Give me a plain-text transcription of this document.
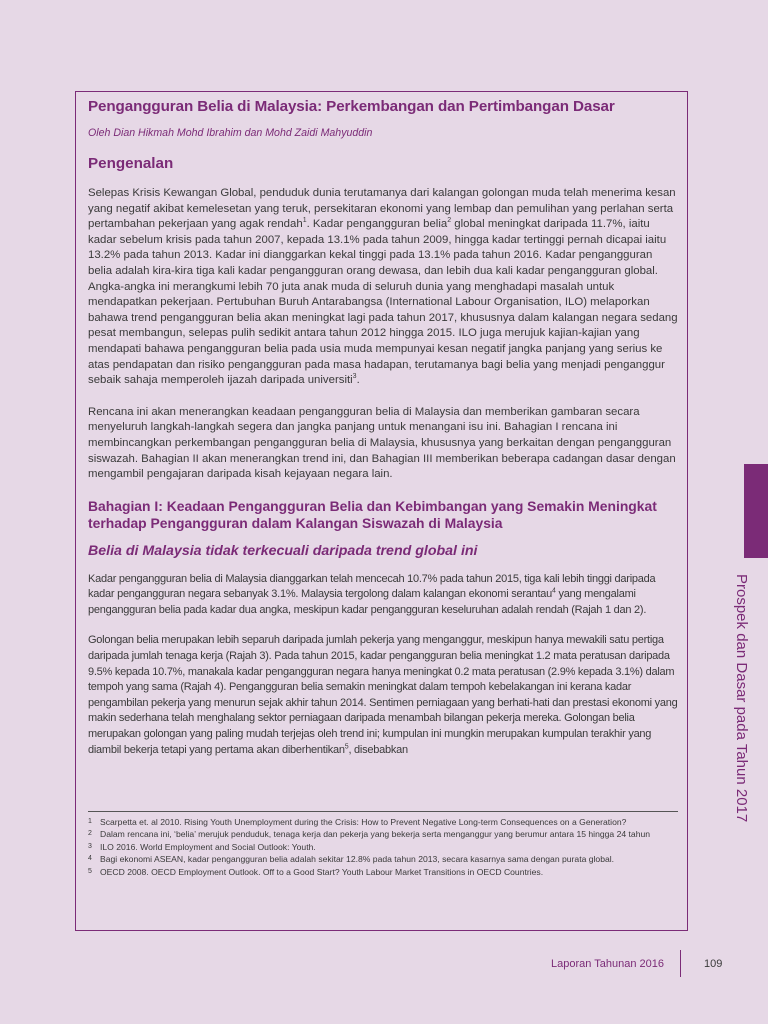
Pengangguran Belia di Malaysia: Perkembangan dan Pertimbangan Dasar

Oleh Dian Hikmah Mohd Ibrahim dan Mohd Zaidi Mahyuddin

Pengenalan

Selepas Krisis Kewangan Global, penduduk dunia terutamanya dari kalangan golongan muda telah menerima kesan yang negatif akibat kemelesetan yang teruk, persekitaran ekonomi yang lembap dan pemulihan yang perlahan serta pertambahan pekerjaan yang agak rendah$^1$. Kadar pengangguran belia$^2$ global meningkat daripada 11.7%, iaitu kadar sebelum krisis pada tahun 2007, kepada 13.1% pada tahun 2009, hingga kadar tertinggi pernah dicapai iaitu 13.2% pada tahun 2013. Kadar ini dianggarkan kekal tinggi pada 13.1% pada tahun 2016. Kadar pengangguran belia adalah kira-kira tiga kali kadar pengangguran orang dewasa, dan lebih dua kali kadar pengangguran global. Angka-angka ini merangkumi lebih 70 juta anak muda di seluruh dunia yang menghadapi masalah untuk mendapatkan pekerjaan. Pertubuhan Buruh Antarabangsa (International Labour Organisation, ILO) melaporkan bahawa trend pengangguran belia akan meningkat lagi pada tahun 2017, khususnya dalam kalangan negara sedang pesat membangun, selepas pulih sedikit antara tahun 2012 hingga 2015. ILO juga merujuk kajian-kajian yang mendapati bahawa pengangguran belia pada usia muda mempunyai kesan negatif jangka panjang yang serius ke atas pendapatan dan risiko pengangguran pada masa hadapan, terutamanya bagi belia yang menjadi penganggur sebaik sahaja memperoleh ijazah daripada universiti$^3$.

Rencana ini akan menerangkan keadaan pengangguran belia di Malaysia dan memberikan gambaran secara menyeluruh langkah-langkah segera dan jangka panjang untuk menangani isu ini. Bahagian I rencana ini membincangkan perkembangan pengangguran belia di Malaysia, khususnya yang berkaitan dengan pengangguran siswazah. Bahagian II akan menerangkan trend ini, dan Bahagian III memberikan beberapa cadangan dasar dengan mengambil pengajaran daripada kisah kejayaan negara lain.

Bahagian I: Keadaan Pengangguran Belia dan Kebimbangan yang Semakin Meningkat terhadap Pengangguran dalam Kalangan Siswazah di Malaysia
Belia di Malaysia tidak terkecuali daripada trend global ini

Kadar pengangguran belia di Malaysia dianggarkan telah mencecah 10.7% pada tahun 2015, tiga kali lebih tinggi daripada kadar pengangguran negara sebanyak 3.1%. Malaysia tergolong dalam kalangan ekonomi serantau$^4$ yang mengalami pengangguran belia pada kadar dua angka, meskipun kadar pengangguran keseluruhan adalah rendah (Rajah 1 dan 2).

Golongan belia merupakan lebih separuh daripada jumlah pekerja yang menganggur, meskipun hanya mewakili satu pertiga daripada jumlah tenaga kerja (Rajah 3). Pada tahun 2015, kadar pengangguran belia meningkat 1.2 mata peratusan daripada 9.5% kepada 10.7%, manakala kadar pengangguran negara hanya meningkat 0.2 mata peratusan (2.9% kepada 3.1%) dalam tempoh yang sama (Rajah 4). Pengangguran belia semakin meningkat dalam tempoh kebelakangan ini kerana kadar pengambilan pekerja yang menurun sejak akhir tahun 2014. Sentimen perniagaan yang berhati-hati dan prestasi ekonomi yang makin sederhana telah menghalang sektor perniagaan daripada menambah bilangan pekerja mereka. Golongan belia merupakan golongan yang paling mudah terjejas oleh trend ini; kumpulan ini mungkin merupakan kumpulan terakhir yang diambil bekerja tetapi yang pertama akan diberhentikan$^5$, disebabkan

1 Scarpetta et. al 2010. Rising Youth Unemployment during the Crisis: How to Prevent Negative Long-term Consequences on a Generation?
2 Dalam rencana ini, ‘belia’ merujuk penduduk, tenaga kerja dan pekerja yang bekerja serta menganggur yang berumur antara 15 hingga 24 tahun
3 ILO 2016. World Employment and Social Outlook: Youth.
4 Bagi ekonomi ASEAN, kadar pengangguran belia adalah sekitar 12.8% pada tahun 2013, secara kasarnya sama dengan purata global.
5 OECD 2008. OECD Employment Outlook. Off to a Good Start? Youth Labour Market Transitions in OECD Countries.
Prospek dan Dasar pada Tahun 2017
Laporan Tahunan 2016	109
